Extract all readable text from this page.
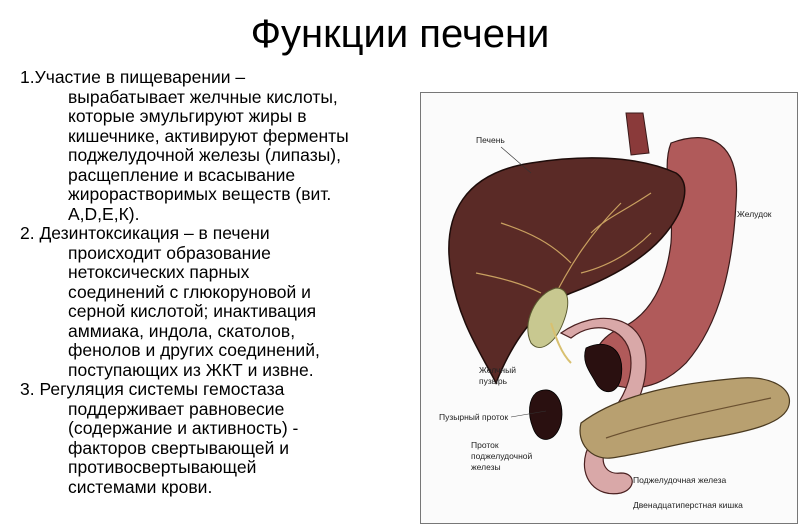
Функции печени
1.Участие в пищеварении –
вырабатывает желчные кислоты,
которые эмульгируют жиры в
кишечнике, активируют ферменты
поджелудочной железы (липазы),
расщепление и всасывание
жирорастворимых веществ (вит.
А,D,Е,К).
2. Дезинтоксикация – в печени
происходит образование
нетоксических парных
соединений с глюкоруновой и
серной кислотой; инактивация
аммиака, индола, скатолов,
фенолов и других соединений,
поступающих из ЖКТ и извне.
3. Регуляция системы гемостаза
поддерживает равновесие
(содержание и активность) -
факторов свертывающей и
противосвертывающей
системами крови.
Печень
Желудок
Желчный
пузырь
Пузырный проток
Проток
поджелудочной
железы
Поджелудочная железа
Двенадцатиперстная кишка
